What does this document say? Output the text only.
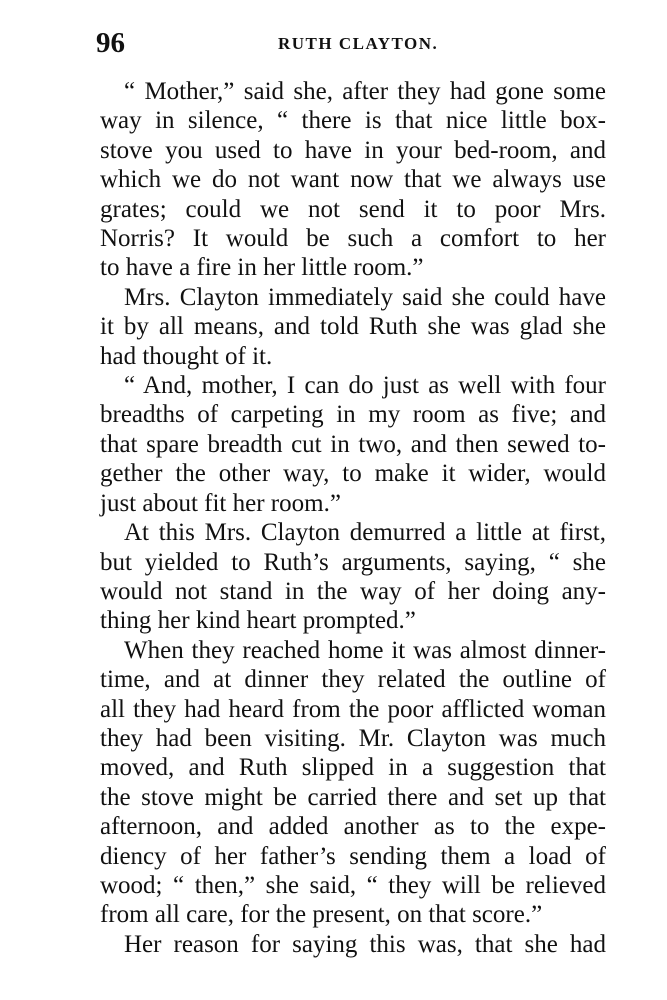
96	RUTH CLAYTON.
“ Mother,” said she, after they had gone some
way in silence, “ there is that nice little box-
stove you used to have in your bed-room, and
which we do not want now that we always use
grates; could we not send it to poor Mrs.
Norris? It would be such a comfort to her
to have a fire in her little room.”
Mrs. Clayton immediately said she could have
it by all means, and told Ruth she was glad she
had thought of it.
“ And, mother, I can do just as well with four
breadths of carpeting in my room as five; and
that spare breadth cut in two, and then sewed to-
gether the other way, to make it wider, would
just about fit her room.”
At this Mrs. Clayton demurred a little at first,
but yielded to Ruth’s arguments, saying, “ she
would not stand in the way of her doing any-
thing her kind heart prompted.”
When they reached home it was almost dinner-
time, and at dinner they related the outline of
all they had heard from the poor afflicted woman
they had been visiting. Mr. Clayton was much
moved, and Ruth slipped in a suggestion that
the stove might be carried there and set up that
afternoon, and added another as to the expe-
diency of her father’s sending them a load of
wood; “ then,” she said, “ they will be relieved
from all care, for the present, on that score.”
Her reason for saying this was, that she had
